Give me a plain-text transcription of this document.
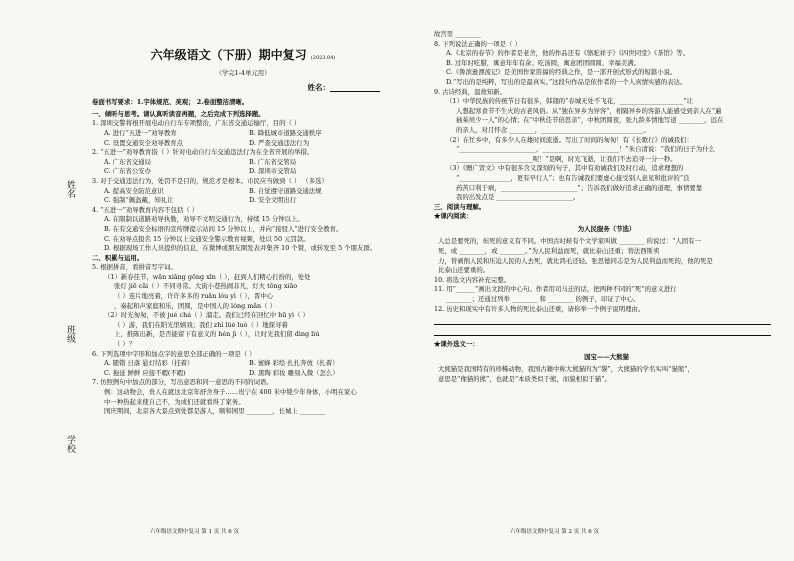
姓名
班级
学校
六年级语文（下册）期中复习 (2023.04)
（学完1-4单元用）
姓名：
卷面书写要求：1.字体规范、美观； 2.卷面整洁清晰。
一、倾听与思考。请认真听读音再题，之后完成下列选择题。
1. 深圳交警将根开展电动自行车专项整治，广东省交通运输厅，目的（ ）
A. 进行“五进一”劝导教育	B. 降低城市道路交通秩序
C. 设置交通安全劝导教育点	D. 严查交通违法行为
2. “五进一”劝导教育指（ ）针对电动自行车交通违法行为在全省开展的举措。
A. 广东省交通局	B. 广东省交管局
C. 广东省公安办	D. 深圳市交管局
3. 对于交通违法行为，处罚不是目的，规范才是根本。市民应当做到（ ） （多选）
A. 提高安全防范意识	B. 自觉遵守道路交通法规
C. 强制“佩盔戴，知礼让	D. 安全文明出行
4. “五进一”劝导教育内容不包括（ ）
A. 在限制以道路劝导执勤，劝导不文明交通行为，持续 15 分钟以上。
B. 在有交通安全标语的宣传牌提示站间 15 分钟以上，并向“接驳人”进行安全教育。
C. 在劝导点报名 15 分钟以上交通安全警示教育视频，处以 50 元罚款。
D. 根据现场工作人员提供的信息，在微博或朋友圈发表并集齐 10 个赞，或转发至 5 个朋友群。
二、积累与运用。
5. 根据拼音，看拼音写字词。
（1）新春佳节，wǎn xiāng gōng xīn（ ），赶到人们精心打扮的，处处
张灯 jiē cǎi（ ）不同寻常。大街小巷热闹非凡，灯火 tōng xiāo
（ ）连片地亮着，许许多多的 ruǎn lóu yì（ ），晋中心
，奏起和声家庭和乐，团圆，是中国人的 lóng mǎn（ ）
（2）时光匆匆，不被 jué chá（ ）溜走。我们已经在回忆中 hū yì（ ）
（ ）游，我们在阳光里嬉戏；我们 zhì lüè luò（ ）地探寻着
上，推陈出新，是否能留下有意义的 hén jì（ ），让时光我们留 dìng liú
（ ）？
6. 下列选项中字形和加点字的意思全部正确的一项是（ ）
A. 随错 日落 悬灯结彩（挂着）	B. 蜜蜂 彩绘 扎扎奔放（扎着）
C. 拖延 鲜鲜 应接不暇(不暇)	D. 黑陶 彩妆 雕刻入微（怎么）
7. 仿照例句中加点的部分，写出意思和同一意思的不同的词语。
例：这动物会，贵人在就这北京年舒舍身子……贵宁在 400 米中毙少年身体，小明在家心
中一种热起来使自己不，为成们还就看得了家务。
国庆期间，北京各大景点到处都是游人，顺和园里 ________，长城上 ________
故宫里 ________
8. 下列说法正确的一项是（ ）
A.《北京的春节》的作者是老舍，他的作品还有《骆驼祥子》《四世同堂》《茶馆》等。
B. 过年时吃腊，寓意年年有余；吃汤圆，寓意团团圆圆、幸福美满。
C.《鲁滨逊漂流记》是美国作家笛福的经典之作，是一部开创式形式的短篇小说。
D.“写出的是纯粹，写出的是最真实。”这段句作品是依作者的一个人真情实感的表达。
9. 古诗经典，温故知新。
（1）中华民族的传统节日有很多，韩翃的“春城无处不飞花，____________________”让
人想起寒食节不生火的古老风俗。从“独在异乡为异客”，相隔异乡的客游人能感受到亲人在“遍
插茱萸少一人”的心情；在“中秋佳节倍思亲”，中秋团圆夜，张九龄多情地写道 ________，远在
的亲人，对月怀念 ________，________________________________。
（2）在忙乡中，有多少人在雄时间流逝。写出了时间的匆匆！有《长歌行》的诫我们：
“________________________，________________________！”朱自清说：“我们的日子为什么
________________________呢！”是啊，时光飞逝，让我们不去追寻一分一秒。
（3）《赠广贤文》中有很多含义深刻的句子，其中有劝诫我们及时行动，追求理想的
“________________，更有早行人”；也有告诫我们要虚心接受别人意见和批评的“良
药苦口利于病，________________________”；告诉我们做好追求正确的道理，事情要靠
我的出发点是 ________________________。
三、阅读与理解。
★课内阅读：
为人民服务（节选）
人总是要死的，但死的意义有不同。中国古时候有个文学家叫做 ________ 的说过：“人固有一
死，或 ________，或 ________。”为人民利益而死，就比泰山还重；替法西斯卖
力，替剥削人民和压迫人民的人去死，就比鸿毛还轻。张思德同志是为人民利益而死的，他的死是
比泰山还要重的。
10. 将选文内容补充完整。
11. 用“______”画出文段的中心句。作者用司马迁的话，把两种不同的“死”的意义进行
________；还通过列举 ________ 和 ________ 的例子，印证了中心。
12. 历史和现实中有许多人物的死比泰山还重，请你举一个例子说明理由。
★课外选文一：
国宝——大熊猫
大熊猫是我国特有的珍稀动物，我国古籍中称大熊猫的为“貘”，大熊猫的学名实叫“猫熊”，
意思是“像猫的熊”，也就是“本质类似于熊，而貌相似于猫”。
六年级语文期中复习 第 1 页 共 6 页	六年级语文期中复习 第 2 页 共 6 页
